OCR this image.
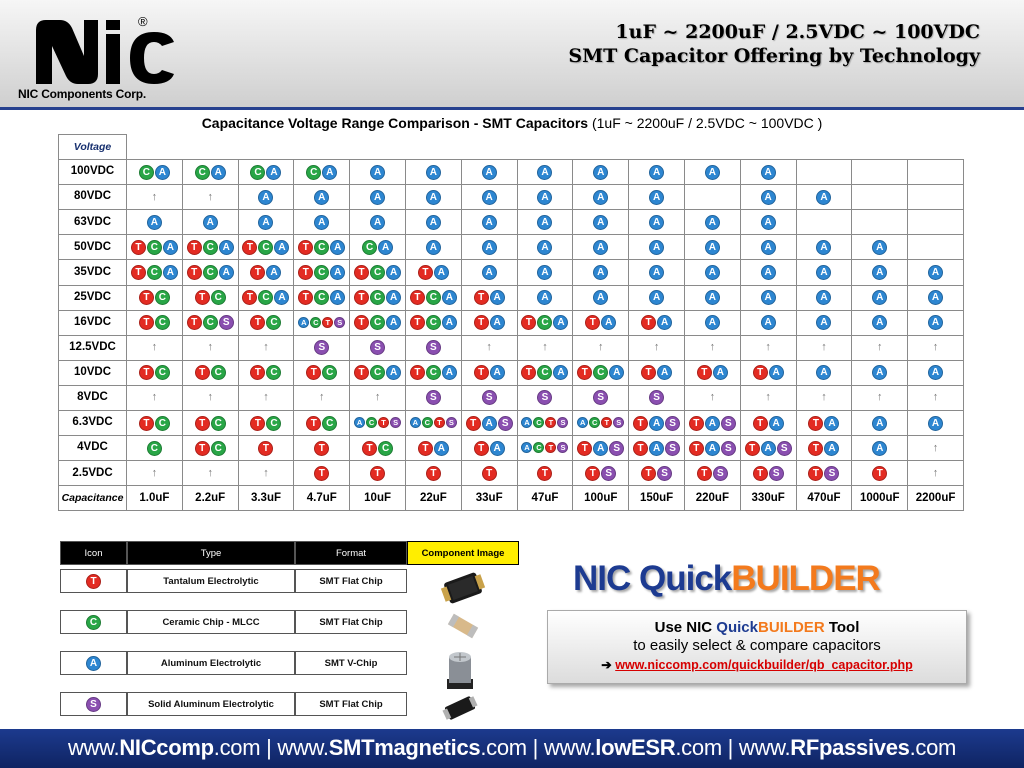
®
NIC Components Corp.
1uF ~ 2200uF / 2.5VDC ~ 100VDC
SMT Capacitor Offering by Technology
Capacitance Voltage Range Comparison - SMT Capacitors (1uF ~ 2200uF / 2.5VDC ~ 100VDC )
Voltage															
100VDC	C A	C A	C A	C A	A	A	A	A	A	A	A	A			
80VDC	↑	↑	A	A	A	A	A	A	A	A		A	A		
63VDC	A	A	A	A	A	A	A	A	A	A	A	A			
50VDC	T C A	T C A	T C A	T C A	C A	A	A	A	A	A	A	A	A	A	
35VDC	T C A	T C A	T A	T C A	T C A	T A	A	A	A	A	A	A	A	A	A
25VDC	T C	T C	T C A	T C A	T C A	T C A	T A	A	A	A	A	A	A	A	A
16VDC	T C	T C S	T C	A C T S	T C A	T C A	T A	T C A	T A	T A	A	A	A	A	A
12.5VDC	↑	↑	↑	S	S	S	↑	↑	↑	↑	↑	↑	↑	↑	↑
10VDC	T C	T C	T C	T C	T C A	T C A	T A	T C A	T C A	T A	T A	T A	A	A	A
8VDC	↑	↑	↑	↑	↑	S	S	S	S	S	↑	↑	↑	↑	↑
6.3VDC	T C	T C	T C	T C	A C T S	A C T S	T A S	A C T S	A C T S	T A S	T A S	T A	T A	A	A
4VDC	C	T C	T	T	T C	T A	T A	A C T S	T A S	T A S	T A S	T A S	T A	A	↑
2.5VDC	↑	↑	↑	T	T	T	T	T	T S	T S	T S	T S	T S	T	↑
Capacitance	1.0uF	2.2uF	3.3uF	4.7uF	10uF	22uF	33uF	47uF	100uF	150uF	220uF	330uF	470uF	1000uF	2200uF
Icon	Type	Format	Component Image
T	Tantalum Electrolytic	SMT Flat Chip
C	Ceramic Chip - MLCC	SMT Flat Chip
A	Aluminum Electrolytic	SMT V-Chip
S	Solid Aluminum Electrolytic	SMT Flat Chip
NIC QuickBUILDER
Use NIC QuickBUILDER Tool
to easily select & compare capacitors
➔ www.niccomp.com/quickbuilder/qb_capacitor.php
www.NICcomp.com | www.SMTmagnetics.com | www.lowESR.com | www.RFpassives.com
